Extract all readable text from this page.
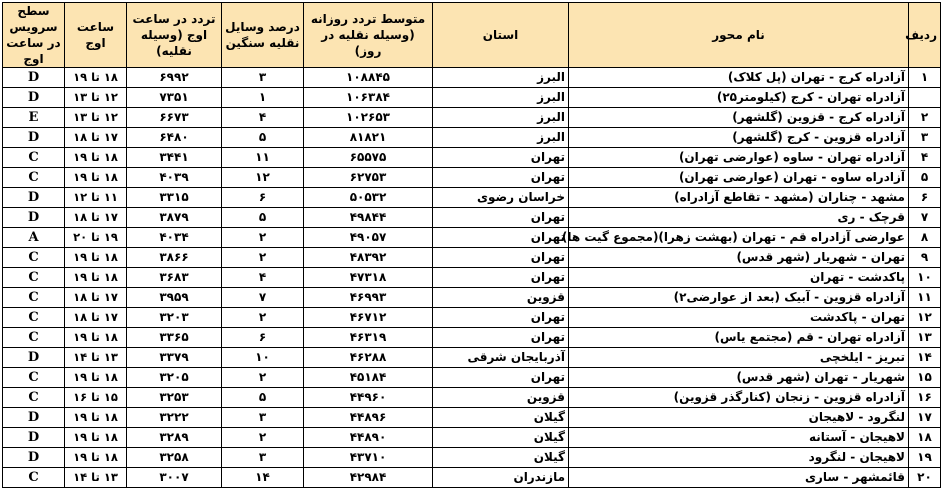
ردیف	نام محور	استان	متوسط تردد روزانه (وسیله نقلیه در روز)	درصد وسایل نقلیه سنگین	تردد در ساعت اوج (وسیله نقلیه)	ساعت اوج	سطح سرویس در ساعت اوج
۱	آزادراه کرج - تهران (پل کلاک)	البرز	۱۰۸۸۴۵	۳	۶۹۹۲	۱۸ تا ۱۹	D
	آزادراه تهران - کرج (کیلومتر۲۵)	البرز	۱۰۶۳۸۴	۱	۷۳۵۱	۱۲ تا ۱۳	D
۲	آزادراه کرج - قزوین (گلشهر)	البرز	۱۰۲۶۵۳	۴	۶۶۷۳	۱۲ تا ۱۳	E
۳	آزادراه قزوین - کرج (گلشهر)	البرز	۸۱۸۲۱	۵	۶۴۸۰	۱۷ تا ۱۸	D
۴	آزادراه تهران - ساوه (عوارضی تهران)	تهران	۶۵۵۷۵	۱۱	۳۴۴۱	۱۸ تا ۱۹	C
۵	آزادراه ساوه - تهران (عوارضی تهران)	تهران	۶۲۷۵۳	۱۲	۴۰۳۹	۱۸ تا ۱۹	C
۶	مشهد - چناران (مشهد - تقاطع آزادراه)	خراسان رضوی	۵۰۵۳۲	۶	۳۳۱۵	۱۱ تا ۱۲	D
۷	قرچک - ری	تهران	۴۹۸۴۴	۵	۳۸۷۹	۱۷ تا ۱۸	D
۸	عوارضی آزادراه قم - تهران (بهشت زهرا)(مجموع گیت ها)	تهران	۴۹۰۵۷	۲	۴۰۳۴	۱۹ تا ۲۰	A
۹	تهران - شهریار (شهر قدس)	تهران	۴۸۳۹۲	۲	۳۸۶۶	۱۸ تا ۱۹	C
۱۰	پاکدشت - تهران	تهران	۴۷۳۱۸	۴	۳۶۸۳	۱۸ تا ۱۹	C
۱۱	آزادراه قزوین - آبیک (بعد از عوارضی۲)	قزوین	۴۶۹۹۳	۷	۳۹۵۹	۱۷ تا ۱۸	C
۱۲	تهران - پاکدشت	تهران	۴۶۷۱۲	۲	۳۲۰۳	۱۷ تا ۱۸	C
۱۳	آزادراه تهران - قم (مجتمع یاس)	تهران	۴۶۳۱۹	۶	۳۳۶۵	۱۸ تا ۱۹	C
۱۴	تبریز - ایلخچی	آذربایجان شرقی	۴۶۲۸۸	۱۰	۳۳۷۹	۱۳ تا ۱۴	D
۱۵	شهریار - تهران (شهر قدس)	تهران	۴۵۱۸۴	۲	۳۲۰۵	۱۸ تا ۱۹	C
۱۶	آزادراه قزوین - زنجان (کنارگذر قزوین)	قزوین	۴۴۹۶۰	۵	۳۲۵۳	۱۵ تا ۱۶	C
۱۷	لنگرود - لاهیجان	گیلان	۴۴۸۹۶	۳	۳۲۲۲	۱۸ تا ۱۹	D
۱۸	لاهیجان - آستانه	گیلان	۴۴۸۹۰	۲	۳۲۸۹	۱۸ تا ۱۹	D
۱۹	لاهیجان - لنگرود	گیلان	۴۳۷۱۰	۳	۳۲۵۸	۱۸ تا ۱۹	D
۲۰	قائمشهر - ساری	مازندران	۴۲۹۸۴	۱۴	۳۰۰۷	۱۳ تا ۱۴	C
